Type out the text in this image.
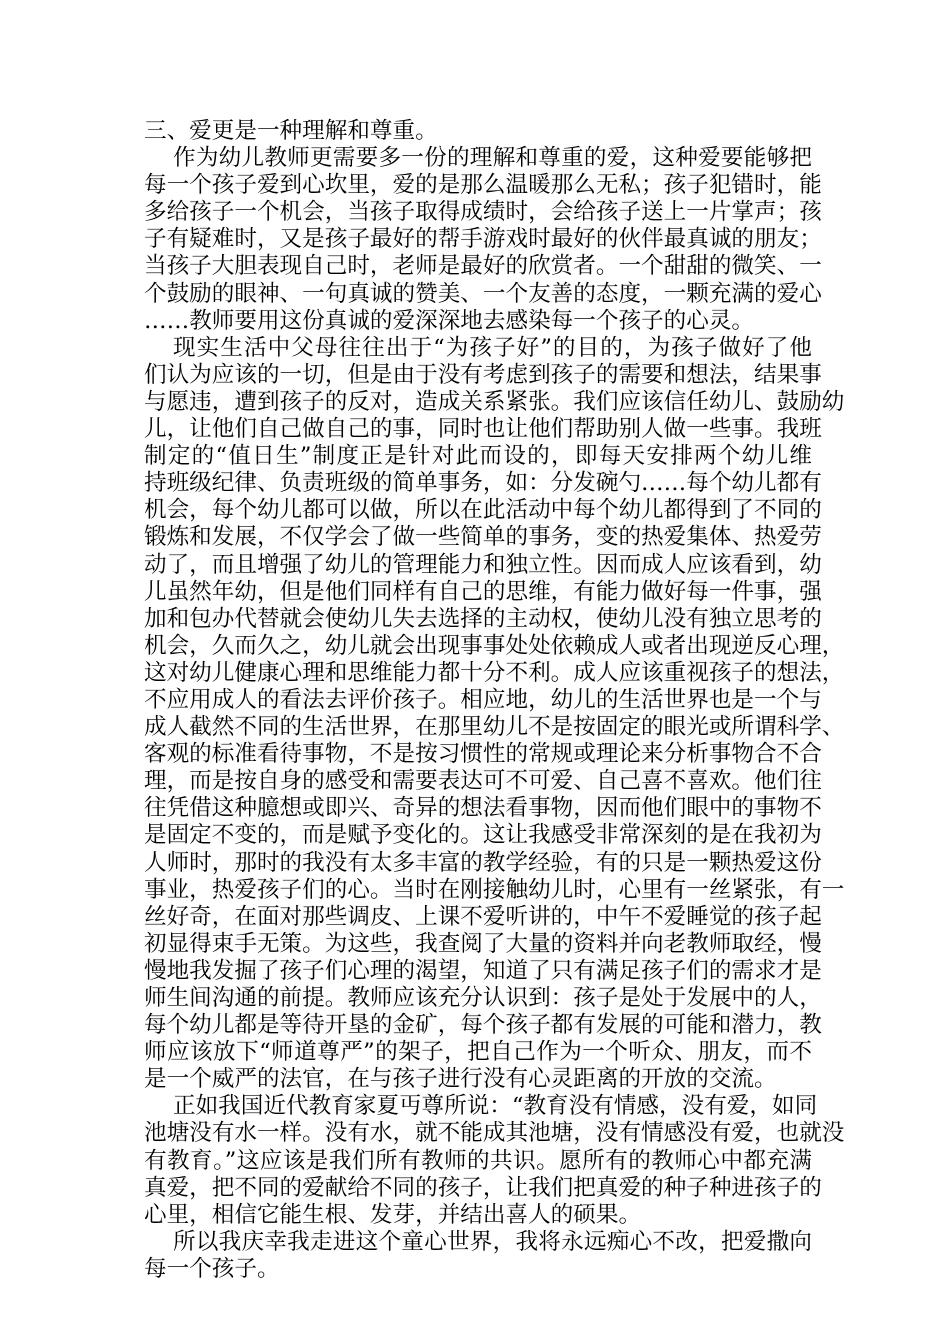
三、爱更是一种理解和尊重。

作为幼儿教师更需要多一份的理解和尊重的爱，这种爱要能够把
每一个孩子爱到心坎里，爱的是那么温暖那么无私；孩子犯错时，能
多给孩子一个机会，当孩子取得成绩时，会给孩子送上一片掌声；孩
子有疑难时，又是孩子最好的帮手游戏时最好的伙伴最真诚的朋友；
当孩子大胆表现自己时，老师是最好的欣赏者。一个甜甜的微笑、一
个鼓励的眼神、一句真诚的赞美、一个友善的态度，一颗充满的爱心
……教师要用这份真诚的爱深深地去感染每一个孩子的心灵。

现实生活中父母往往出于“为孩子好”的目的，为孩子做好了他
们认为应该的一切，但是由于没有考虑到孩子的需要和想法，结果事
与愿违，遭到孩子的反对，造成关系紧张。我们应该信任幼儿、鼓励幼
儿，让他们自己做自己的事，同时也让他们帮助别人做一些事。我班
制定的“值日生”制度正是针对此而设的，即每天安排两个幼儿维
持班级纪律、负责班级的简单事务，如：分发碗勺……每个幼儿都有
机会，每个幼儿都可以做，所以在此活动中每个幼儿都得到了不同的
锻炼和发展，不仅学会了做一些简单的事务，变的热爱集体、热爱劳
动了，而且增强了幼儿的管理能力和独立性。因而成人应该看到，幼
儿虽然年幼，但是他们同样有自己的思维，有能力做好每一件事，强
加和包办代替就会使幼儿失去选择的主动权，使幼儿没有独立思考的
机会，久而久之，幼儿就会出现事事处处依赖成人或者出现逆反心理，
这对幼儿健康心理和思维能力都十分不利。成人应该重视孩子的想法，
不应用成人的看法去评价孩子。相应地，幼儿的生活世界也是一个与
成人截然不同的生活世界，在那里幼儿不是按固定的眼光或所谓科学、
客观的标准看待事物，不是按习惯性的常规或理论来分析事物合不合
理，而是按自身的感受和需要表达可不可爱、自己喜不喜欢。他们往
往凭借这种臆想或即兴、奇异的想法看事物，因而他们眼中的事物不
是固定不变的，而是赋予变化的。这让我感受非常深刻的是在我初为
人师时，那时的我没有太多丰富的教学经验，有的只是一颗热爱这份
事业，热爱孩子们的心。当时在刚接触幼儿时，心里有一丝紧张，有一
丝好奇，在面对那些调皮、上课不爱听讲的，中午不爱睡觉的孩子起
初显得束手无策。为这些，我查阅了大量的资料并向老教师取经，慢
慢地我发掘了孩子们心理的渴望，知道了只有满足孩子们的需求才是
师生间沟通的前提。教师应该充分认识到：孩子是处于发展中的人，
每个幼儿都是等待开垦的金矿，每个孩子都有发展的可能和潜力，教
师应该放下“师道尊严”的架子，把自己作为一个听众、朋友，而不
是一个威严的法官，在与孩子进行没有心灵距离的开放的交流。

正如我国近代教育家夏丏尊所说：“教育没有情感，没有爱，如同
池塘没有水一样。没有水，就不能成其池塘，没有情感没有爱，也就没
有教育。”这应该是我们所有教师的共识。愿所有的教师心中都充满
真爱，把不同的爱献给不同的孩子，让我们把真爱的种子种进孩子的
心里，相信它能生根、发芽，并结出喜人的硕果。

所以我庆幸我走进这个童心世界，我将永远痴心不改，把爱撒向
每一个孩子。
